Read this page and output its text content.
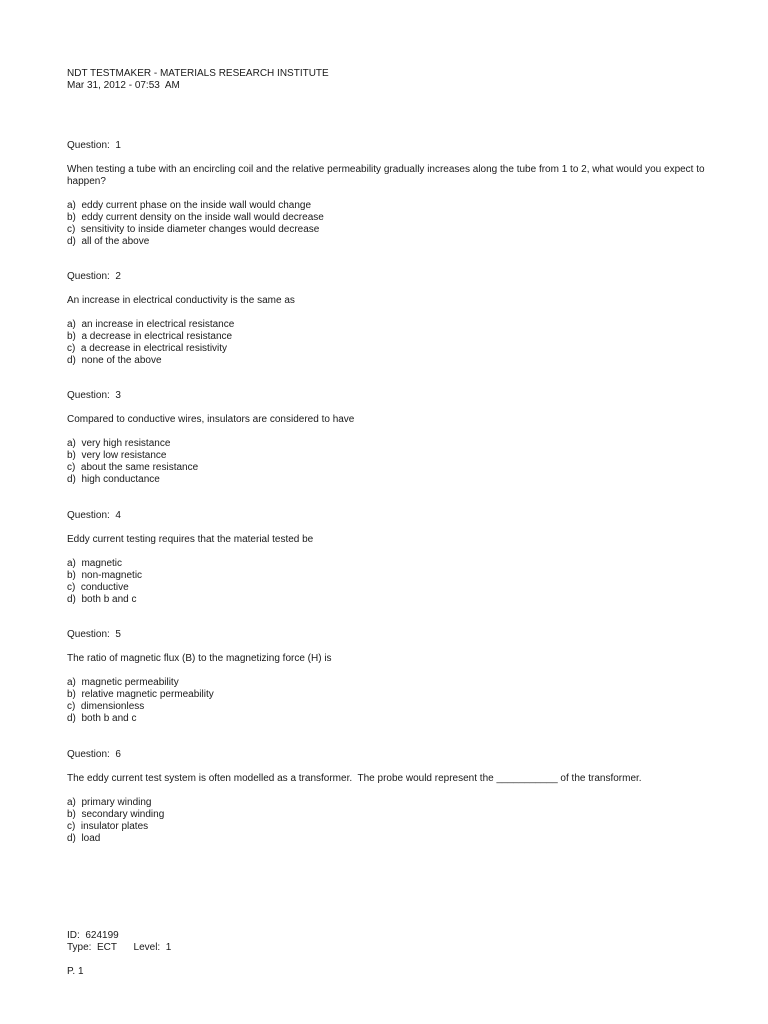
NDT TESTMAKER - MATERIALS RESEARCH INSTITUTE
Mar 31, 2012 - 07:53  AM
Question:  1
When testing a tube with an encircling coil and the relative permeability gradually increases along the tube from 1 to 2, what would you expect to happen?
a)  eddy current phase on the inside wall would change
b)  eddy current density on the inside wall would decrease
c)  sensitivity to inside diameter changes would decrease
d)  all of the above
Question:  2
An increase in electrical conductivity is the same as
a)  an increase in electrical resistance
b)  a decrease in electrical resistance
c)  a decrease in electrical resistivity
d)  none of the above
Question:  3
Compared to conductive wires, insulators are considered to have
a)  very high resistance
b)  very low resistance
c)  about the same resistance
d)  high conductance
Question:  4
Eddy current testing requires that the material tested be
a)  magnetic
b)  non-magnetic
c)  conductive
d)  both b and c
Question:  5
The ratio of magnetic flux (B) to the magnetizing force (H) is
a)  magnetic permeability
b)  relative magnetic permeability
c)  dimensionless
d)  both b and c
Question:  6
The eddy current test system is often modelled as a transformer.  The probe would represent the ___________ of the transformer.
a)  primary winding
b)  secondary winding
c)  insulator plates
d)  load
ID:  624199
Type:  ECT Level:  1
P. 1
